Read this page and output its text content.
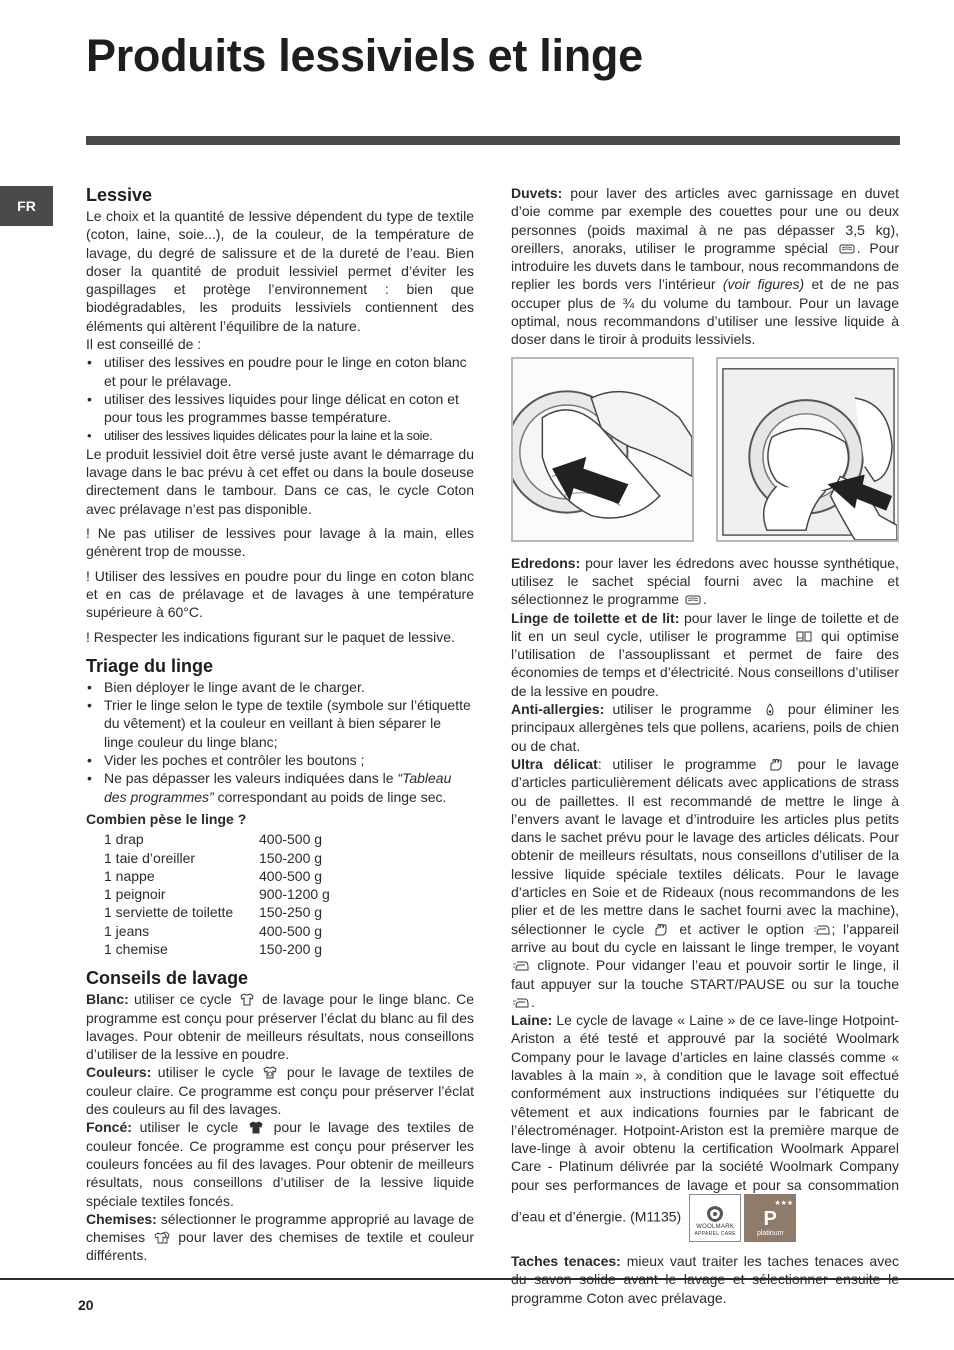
Produits lessiviels et linge
FR
Lessive

Le choix et la quantité de lessive dépendent du type de textile (coton, laine, soie...), de la couleur, de la température de lavage, du degré de salissure et de la dureté de l’eau. Bien doser la quantité de produit lessiviel permet d’éviter les gaspillages et protège l’environnement : bien que biodégradables, les produits lessiviels contiennent des éléments qui altèrent l’équilibre de la nature.

Il est conseillé de :

• utiliser des lessives en poudre pour le linge en coton blanc et pour le prélavage.
• utiliser des lessives liquides pour linge délicat en coton et pour tous les programmes basse température.
• utiliser des lessives liquides délicates pour la laine et la soie.

Le produit lessiviel doit être versé juste avant le démarrage du lavage dans le bac prévu à cet effet ou dans la boule doseuse directement dans le tambour. Dans ce cas, le cycle Coton avec prélavage n’est pas disponible.

! Ne pas utiliser de lessives pour lavage à la main, elles génèrent trop de mousse.

! Utiliser des lessives en poudre pour du linge en coton blanc et en cas de prélavage et de lavages à une température supérieure à 60°C.

! Respecter les indications figurant sur le paquet de lessive.

Triage du linge
• Bien déployer le linge avant de le charger.
• Trier le linge selon le type de textile (symbole sur l’étiquette du vêtement) et la couleur en veillant à bien séparer le linge couleur du linge blanc;
• Vider les poches et contrôler les boutons ;
• Ne pas dépasser les valeurs indiquées dans le “Tableau des programmes” correspondant au poids de linge sec.
Combien pèse le linge ?
1 drap	400-500 g
1 taie d’oreiller	150-200 g
1 nappe	400-500 g
1 peignoir	900-1200 g
1 serviette de toilette	150-250 g
1 jeans	400-500 g
1 chemise	150-200 g
Conseils de lavage

Blanc: utiliser ce cycle
de lavage pour le linge blanc. Ce programme est conçu pour préserver l’éclat du blanc au fil des lavages. Pour obtenir de meilleurs résultats, nous conseillons d’utiliser de la lessive en poudre.

Couleurs: utiliser le cycle
pour le lavage de textiles de couleur claire. Ce programme est conçu pour préserver l’éclat des couleurs au fil des lavages.

Foncé: utiliser le cycle
pour le lavage des textiles de couleur foncée. Ce programme est conçu pour préserver les couleurs foncées au fil des lavages. Pour obtenir de meilleurs résultats, nous conseillons d’utiliser de la lessive liquide spéciale textiles foncés.

Chemises: sélectionner le programme approprié au lavage de chemises
pour laver des chemises de textile et couleur différents.

Duvets: pour laver des articles avec garnissage en duvet d’oie comme par exemple des couettes pour une ou deux personnes (poids maximal à ne pas dépasser 3,5 kg), oreillers, anoraks, utiliser le programme spécial
. Pour introduire les duvets dans le tambour, nous recommandons de replier les bords vers l’intérieur (voir figures) et de ne pas occuper plus de ¾ du volume du tambour. Pour un lavage optimal, nous recommandons d’utiliser une lessive liquide à doser dans le tiroir à produits lessiviels.

Edredons: pour laver les édredons avec housse synthétique, utilisez le sachet spécial fourni avec la machine et sélectionnez le programme
.

Linge de toilette et de lit: pour laver le linge de toilette et de lit en un seul cycle, utiliser le programme
qui optimise l’utilisation de l’assouplissant et permet de faire des économies de temps et d’électricité. Nous conseillons d’utiliser de la lessive en poudre.

Anti-allergies: utiliser le programme
pour éliminer les principaux allergènes tels que pollens, acariens, poils de chien ou de chat.

Ultra délicat: utiliser le programme
pour le lavage d’articles particulièrement délicats avec applications de strass ou de paillettes. Il est recommandé de mettre le linge à l’envers avant le lavage et d’introduire les articles plus petits dans le sachet prévu pour le lavage des articles délicats. Pour obtenir de meilleurs résultats, nous conseillons d’utiliser de la lessive liquide spéciale textiles délicats. Pour le lavage d’articles en Soie et de Rideaux (nous recommandons de les plier et de les mettre dans le sachet fourni avec la machine), sélectionner le cycle
et activer le option
; l’appareil arrive au bout du cycle en laissant le linge tremper, le voyant
clignote. Pour vidanger l’eau et pouvoir sortir le linge, il faut appuyer sur la touche START/PAUSE ou sur la touche
.

Laine: Le cycle de lavage « Laine » de ce lave-linge Hotpoint-Ariston a été testé et approuvé par la société Woolmark Company pour le lavage d’articles en laine classés comme « lavables à la main », à condition que le lavage soit effectué conformément aux instructions indiquées sur l’étiquette du vêtement et aux indications fournies par le fabricant de l’électroménager. Hotpoint-Ariston est la première marque de lave-linge à avoir obtenu la certification Woolmark Apparel Care - Platinum délivrée par la société Woolmark Company pour ses performances de lavage et pour sa consommation d’eau et d’énergie. (M1135)
WOOLMARK
APPAREL CARE
★★★
P
platinum

Taches tenaces: mieux vaut traiter les taches tenaces avec programme Coton avec prélavage.

20
